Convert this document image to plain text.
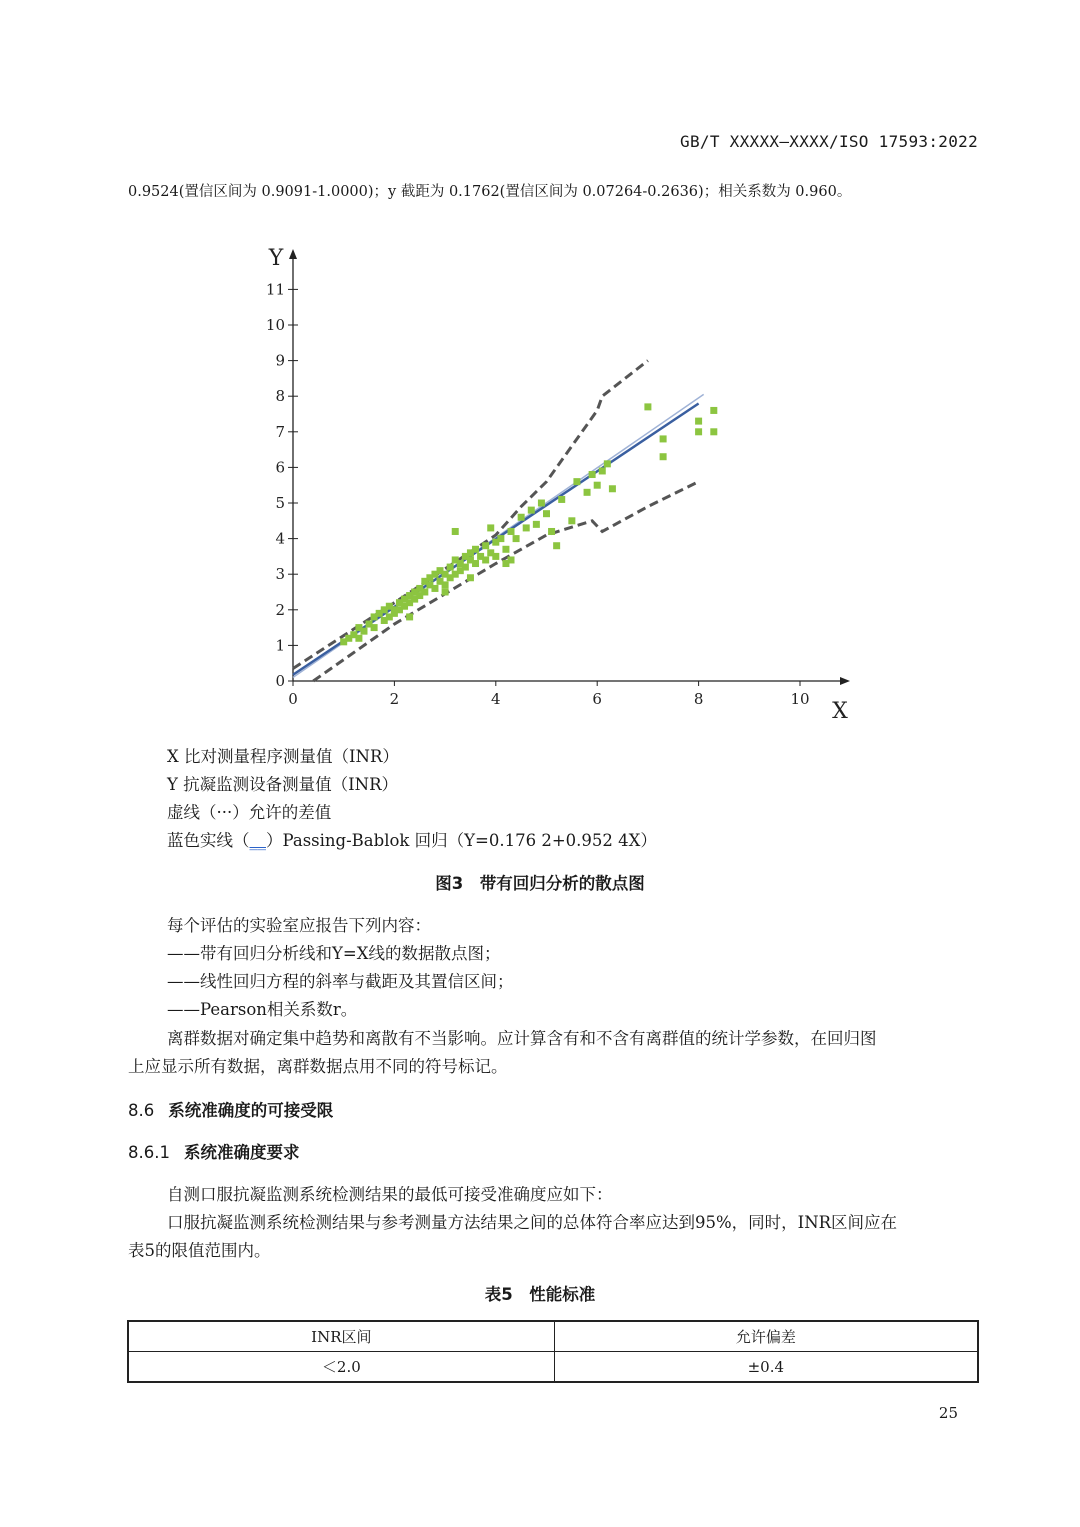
GB/T XXXXX—XXXX/ISO 17593:2022
0.9524(置信区间为 0.9091-1.0000)；y 截距为 0.1762(置信区间为 0.07264-0.2636)；相关系数为 0.960。
0	2	4	6	8	10
0
1
2
3
4
5
6
7
8
9
10
11
X
Y
X 比对测量程序测量值（INR）
Y 抗凝监测设备测量值（INR）
虚线（···）允许的差值
蓝色实线（__）Passing-Bablok 回归（Y=0.176 2+0.952 4X）
图3　带有回归分析的散点图
每个评估的实验室应报告下列内容：
——带有回归分析线和Y=X线的数据散点图；
——线性回归方程的斜率与截距及其置信区间；
——Pearson相关系数r。
离群数据对确定集中趋势和离散有不当影响。应计算含有和不含有离群值的统计学参数，在回归图
上应显示所有数据，离群数据点用不同的符号标记。
8.6 系统准确度的可接受限
8.6.1 系统准确度要求
自测口服抗凝监测系统检测结果的最低可接受准确度应如下：
口服抗凝监测系统检测结果与参考测量方法结果之间的总体符合率应达到95%，同时，INR区间应在
表5的限值范围内。
表5　性能标准
INR区间	允许偏差
＜2.0	±0.4
25
